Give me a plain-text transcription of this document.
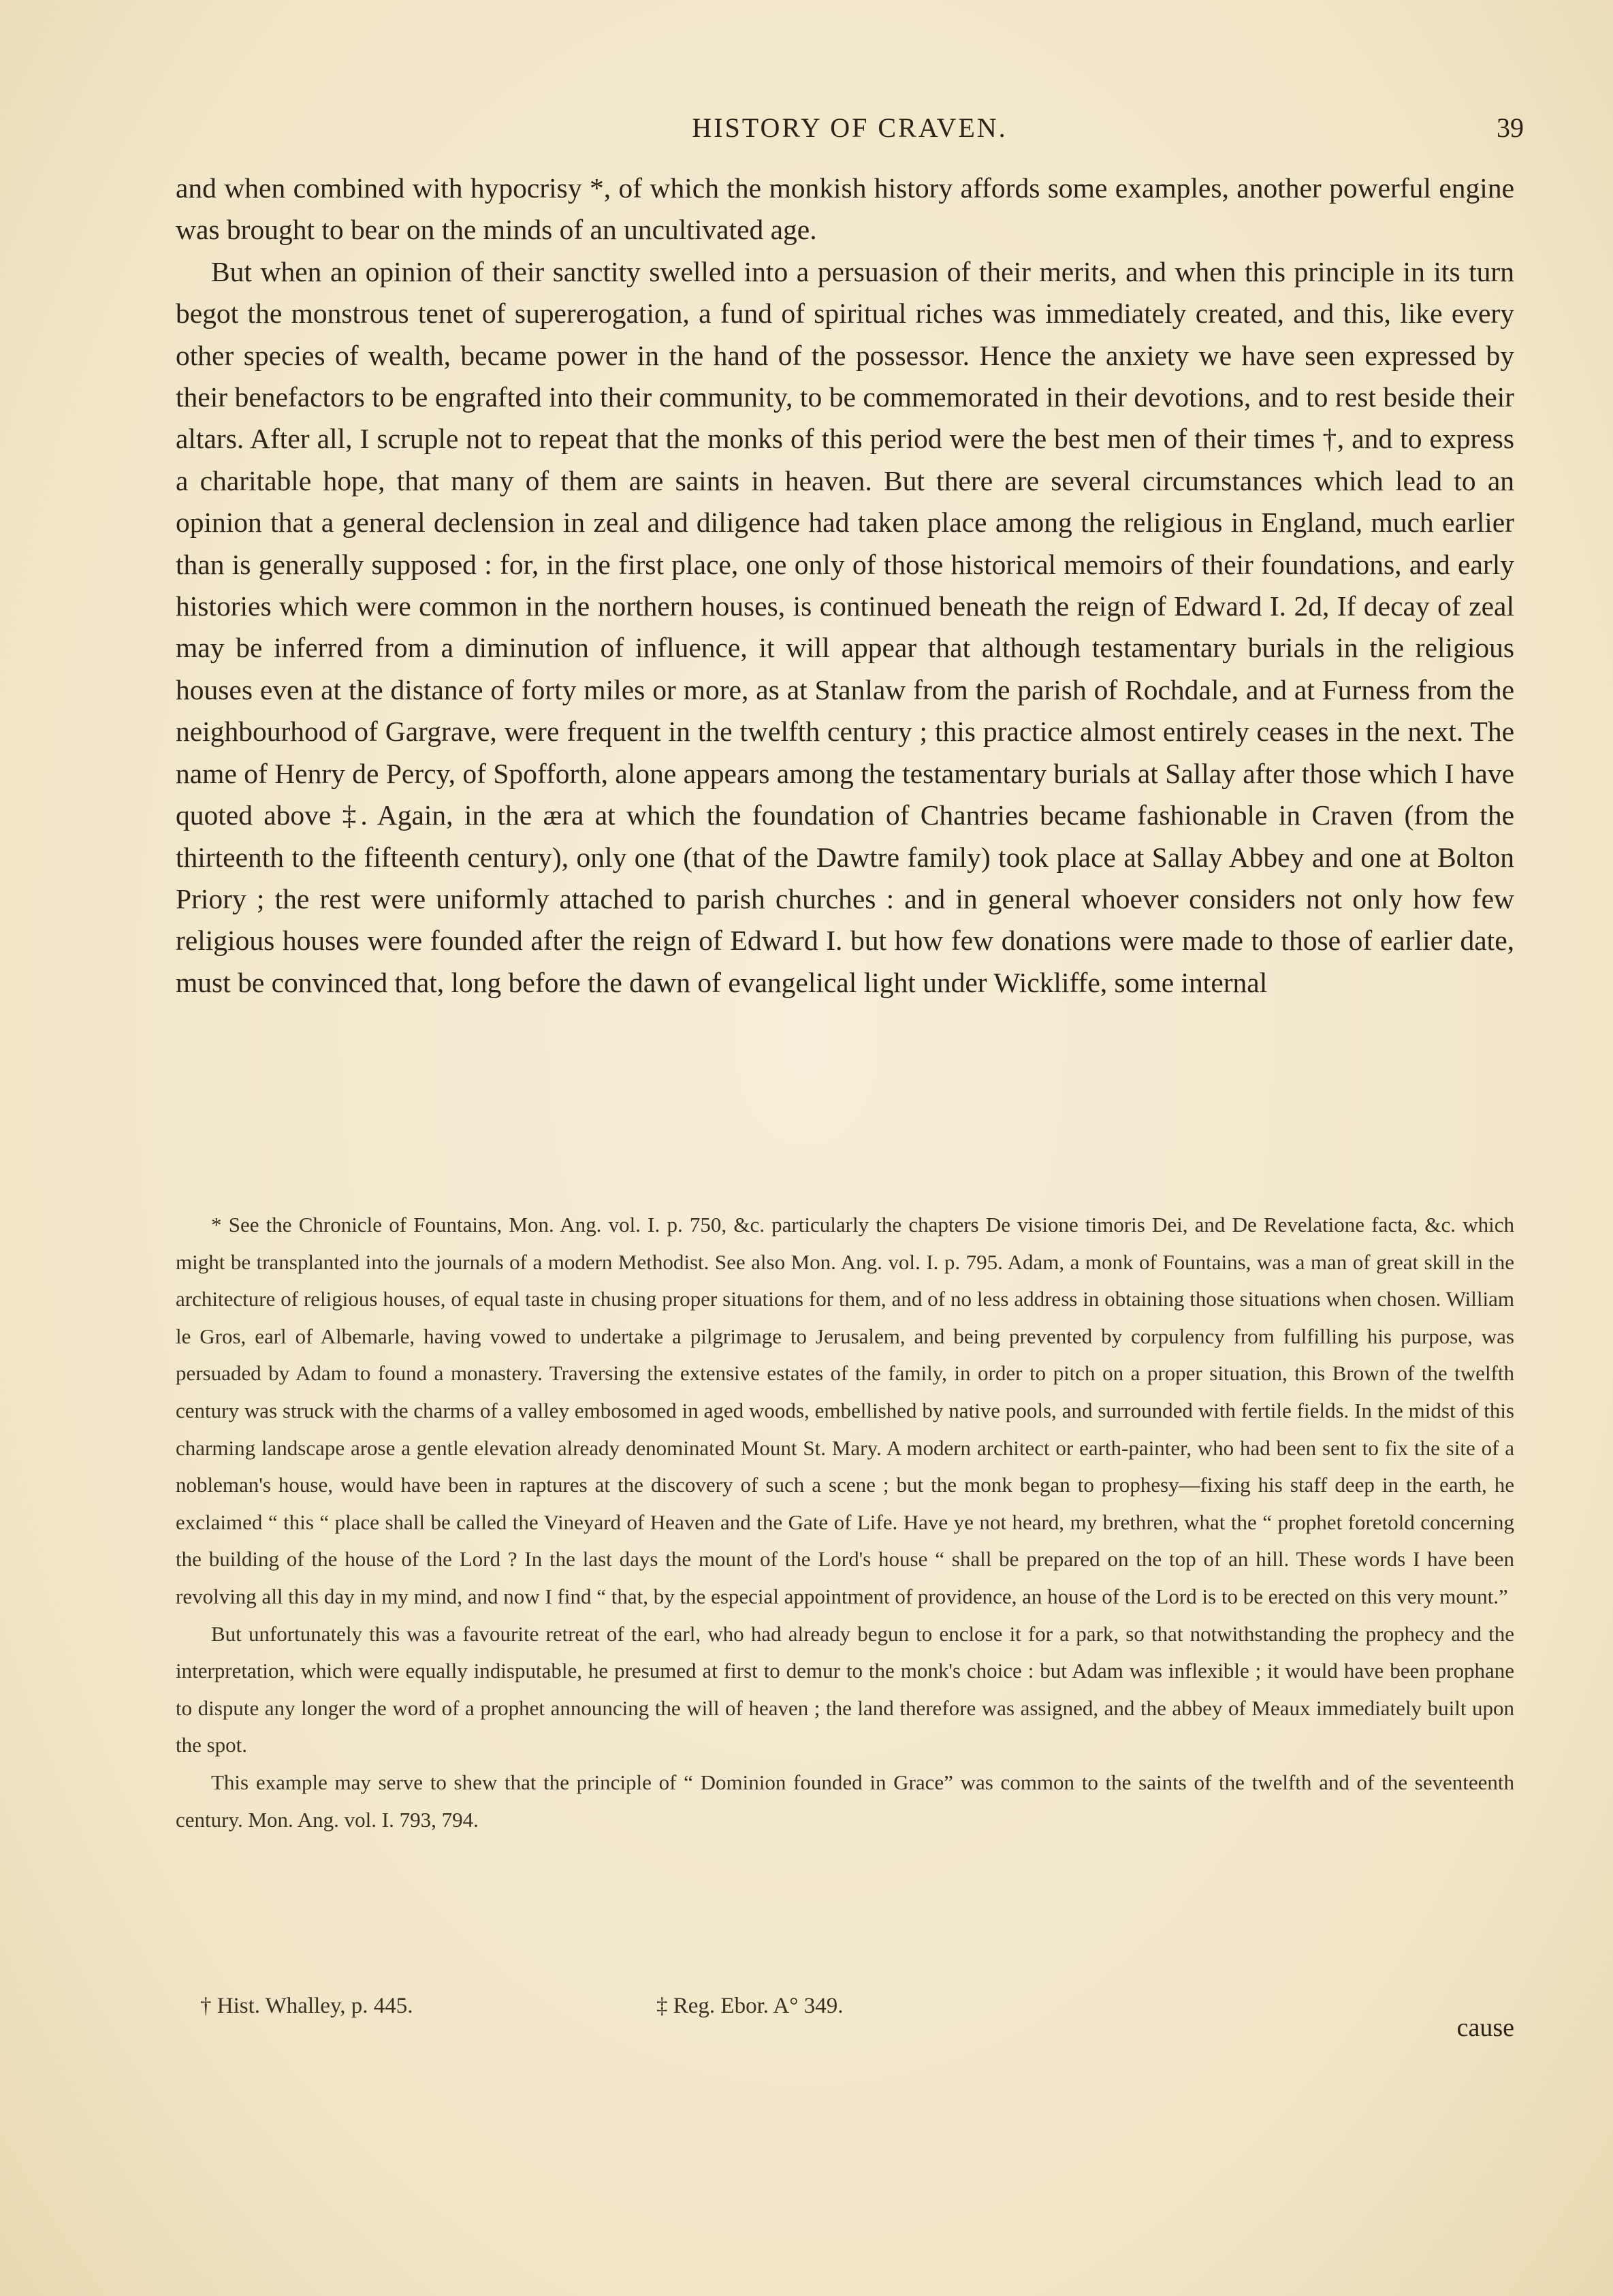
HISTORY OF CRAVEN.	39

and when combined with hypocrisy *, of which the monkish history affords some examples, another powerful engine was brought to bear on the minds of an uncultivated age.

But when an opinion of their sanctity swelled into a persuasion of their merits, and when this principle in its turn begot the monstrous tenet of supererogation, a fund of spiritual riches was immediately created, and this, like every other species of wealth, became power in the hand of the possessor. Hence the anxiety we have seen expressed by their benefactors to be engrafted into their community, to be commemorated in their devotions, and to rest beside their altars. After all, I scruple not to repeat that the monks of this period were the best men of their times †, and to express a charitable hope, that many of them are saints in heaven. But there are several circumstances which lead to an opinion that a general declension in zeal and diligence had taken place among the religious in England, much earlier than is generally supposed : for, in the first place, one only of those historical memoirs of their foundations, and early histories which were common in the northern houses, is continued beneath the reign of Edward I. 2d, If decay of zeal may be inferred from a diminution of influence, it will appear that although testamentary burials in the religious houses even at the distance of forty miles or more, as at Stanlaw from the parish of Rochdale, and at Furness from the neighbourhood of Gargrave, were frequent in the twelfth century ; this practice almost entirely ceases in the next. The name of Henry de Percy, of Spofforth, alone appears among the testamentary burials at Sallay after those which I have quoted above ‡. Again, in the æra at which the foundation of Chantries became fashionable in Craven (from the thirteenth to the fifteenth century), only one (that of the Dawtre family) took place at Sallay Abbey and one at Bolton Priory ; the rest were uniformly attached to parish churches : and in general whoever considers not only how few religious houses were founded after the reign of Edward I. but how few donations were made to those of earlier date, must be convinced that, long before the dawn of evangelical light under Wickliffe, some internal

* See the Chronicle of Fountains, Mon. Ang. vol. I. p. 750, &c. particularly the chapters De visione timoris Dei, and De Revelatione facta, &c. which might be transplanted into the journals of a modern Methodist. See also Mon. Ang. vol. I. p. 795. Adam, a monk of Fountains, was a man of great skill in the architecture of religious houses, of equal taste in chusing proper situations for them, and of no less address in obtaining those situations when chosen. William le Gros, earl of Albemarle, having vowed to undertake a pilgrimage to Jerusalem, and being prevented by corpulency from fulfilling his purpose, was persuaded by Adam to found a monastery. Traversing the extensive estates of the family, in order to pitch on a proper situation, this Brown of the twelfth century was struck with the charms of a valley embosomed in aged woods, embellished by native pools, and surrounded with fertile fields. In the midst of this charming landscape arose a gentle elevation already denominated Mount St. Mary. A modern architect or earth-painter, who had been sent to fix the site of a nobleman's house, would have been in raptures at the discovery of such a scene ; but the monk began to prophesy—fixing his staff deep in the earth, he exclaimed “ this “ place shall be called the Vineyard of Heaven and the Gate of Life. Have ye not heard, my brethren, what the “ prophet foretold concerning the building of the house of the Lord ? In the last days the mount of the Lord's house “ shall be prepared on the top of an hill. These words I have been revolving all this day in my mind, and now I find “ that, by the especial appointment of providence, an house of the Lord is to be erected on this very mount.”

But unfortunately this was a favourite retreat of the earl, who had already begun to enclose it for a park, so that notwithstanding the prophecy and the interpretation, which were equally indisputable, he presumed at first to demur to the monk's choice : but Adam was inflexible ; it would have been prophane to dispute any longer the word of a prophet announcing the will of heaven ; the land therefore was assigned, and the abbey of Meaux immediately built upon the spot.

This example may serve to shew that the principle of “ Dominion founded in Grace” was common to the saints of the twelfth and of the seventeenth century. Mon. Ang. vol. I. 793, 794.

† Hist. Whalley, p. 445.	‡ Reg. Ebor. A° 349.
cause
